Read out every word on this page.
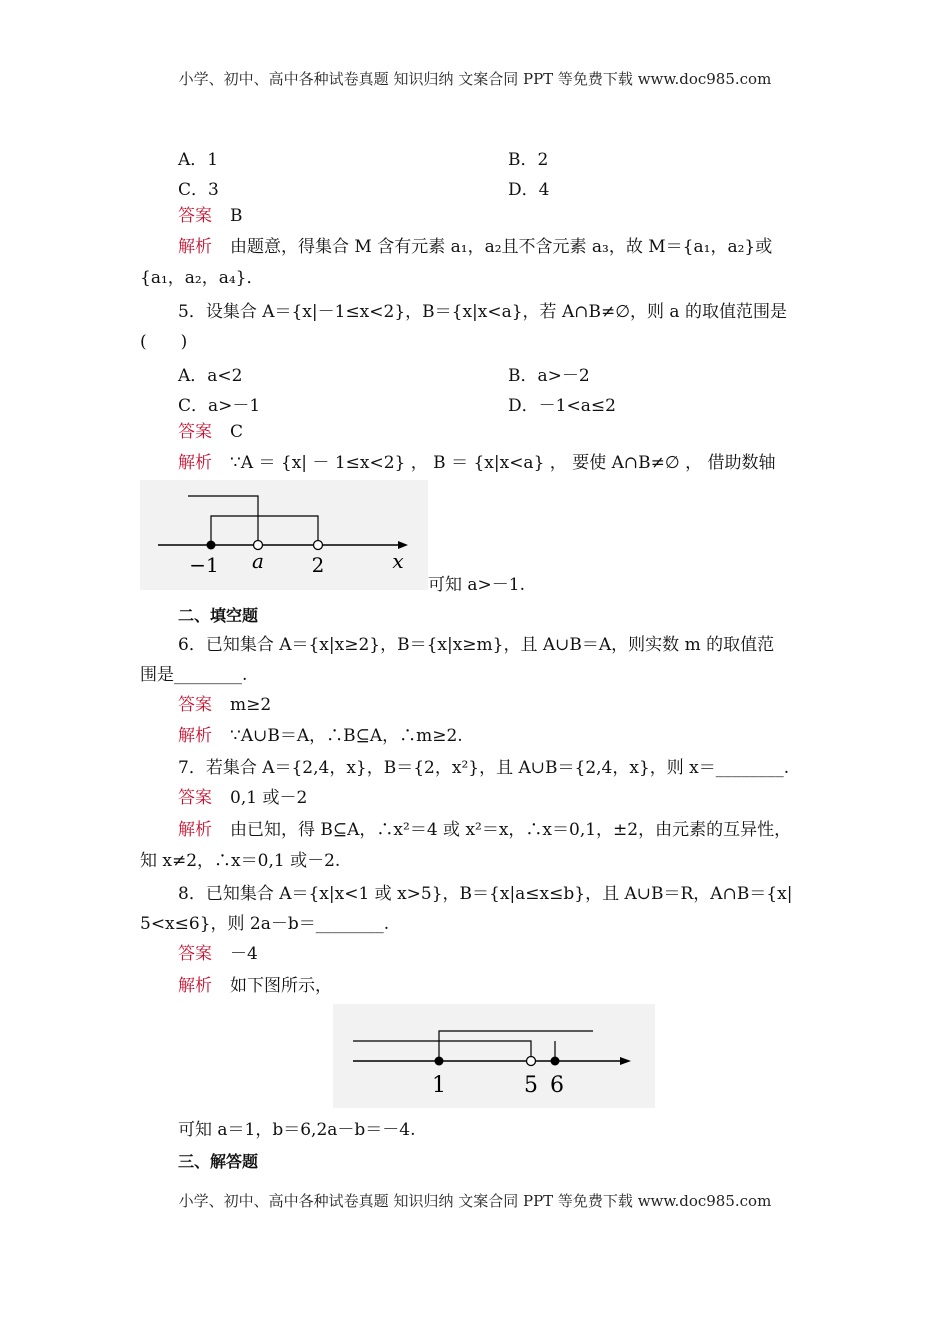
小学、初中、高中各种试卷真题 知识归纳 文案合同 PPT 等免费下载 www.doc985.com
A．1	B．2
C．3	D．4
答案 B
解析 由题意，得集合 M 含有元素 a₁，a₂且不含元素 a₃，故 M＝{a₁，a₂}或
{a₁，a₂，a₄}．
5．设集合 A＝{x|－1≤x<2}，B＝{x|x<a}，若 A∩B≠∅，则 a 的取值范围是
(　　)
A．a<2	B．a>－2
C．a>－1	D．－1<a≤2
答案 C
解析 ∵A ＝ {x| － 1≤x<2} ， B ＝ {x|x<a} ， 要使 A∩B≠∅ ， 借助数轴
−1 a 2	x
可知 a>－1.
二、填空题
6．已知集合 A＝{x|x≥2}，B＝{x|x≥m}，且 A∪B＝A，则实数 m 的取值范
围是________.
答案 m≥2
解析 ∵A∪B＝A，∴B⊆A，∴m≥2.
7．若集合 A＝{2,4，x}，B＝{2，x²}，且 A∪B＝{2,4，x}，则 x＝________.
答案 0,1 或－2
解析 由已知，得 B⊆A，∴x²＝4 或 x²＝x，∴x＝0,1，±2，由元素的互异性，
知 x≠2，∴x＝0,1 或－2.
8．已知集合 A＝{x|x<1 或 x>5}，B＝{x|a≤x≤b}，且 A∪B＝R，A∩B＝{x|
5<x≤6}，则 2a－b＝________.
答案 －4
解析 如下图所示，
1	5 6
可知 a＝1，b＝6,2a－b＝－4.
三、解答题
小学、初中、高中各种试卷真题 知识归纳 文案合同 PPT 等免费下载 www.doc985.com
